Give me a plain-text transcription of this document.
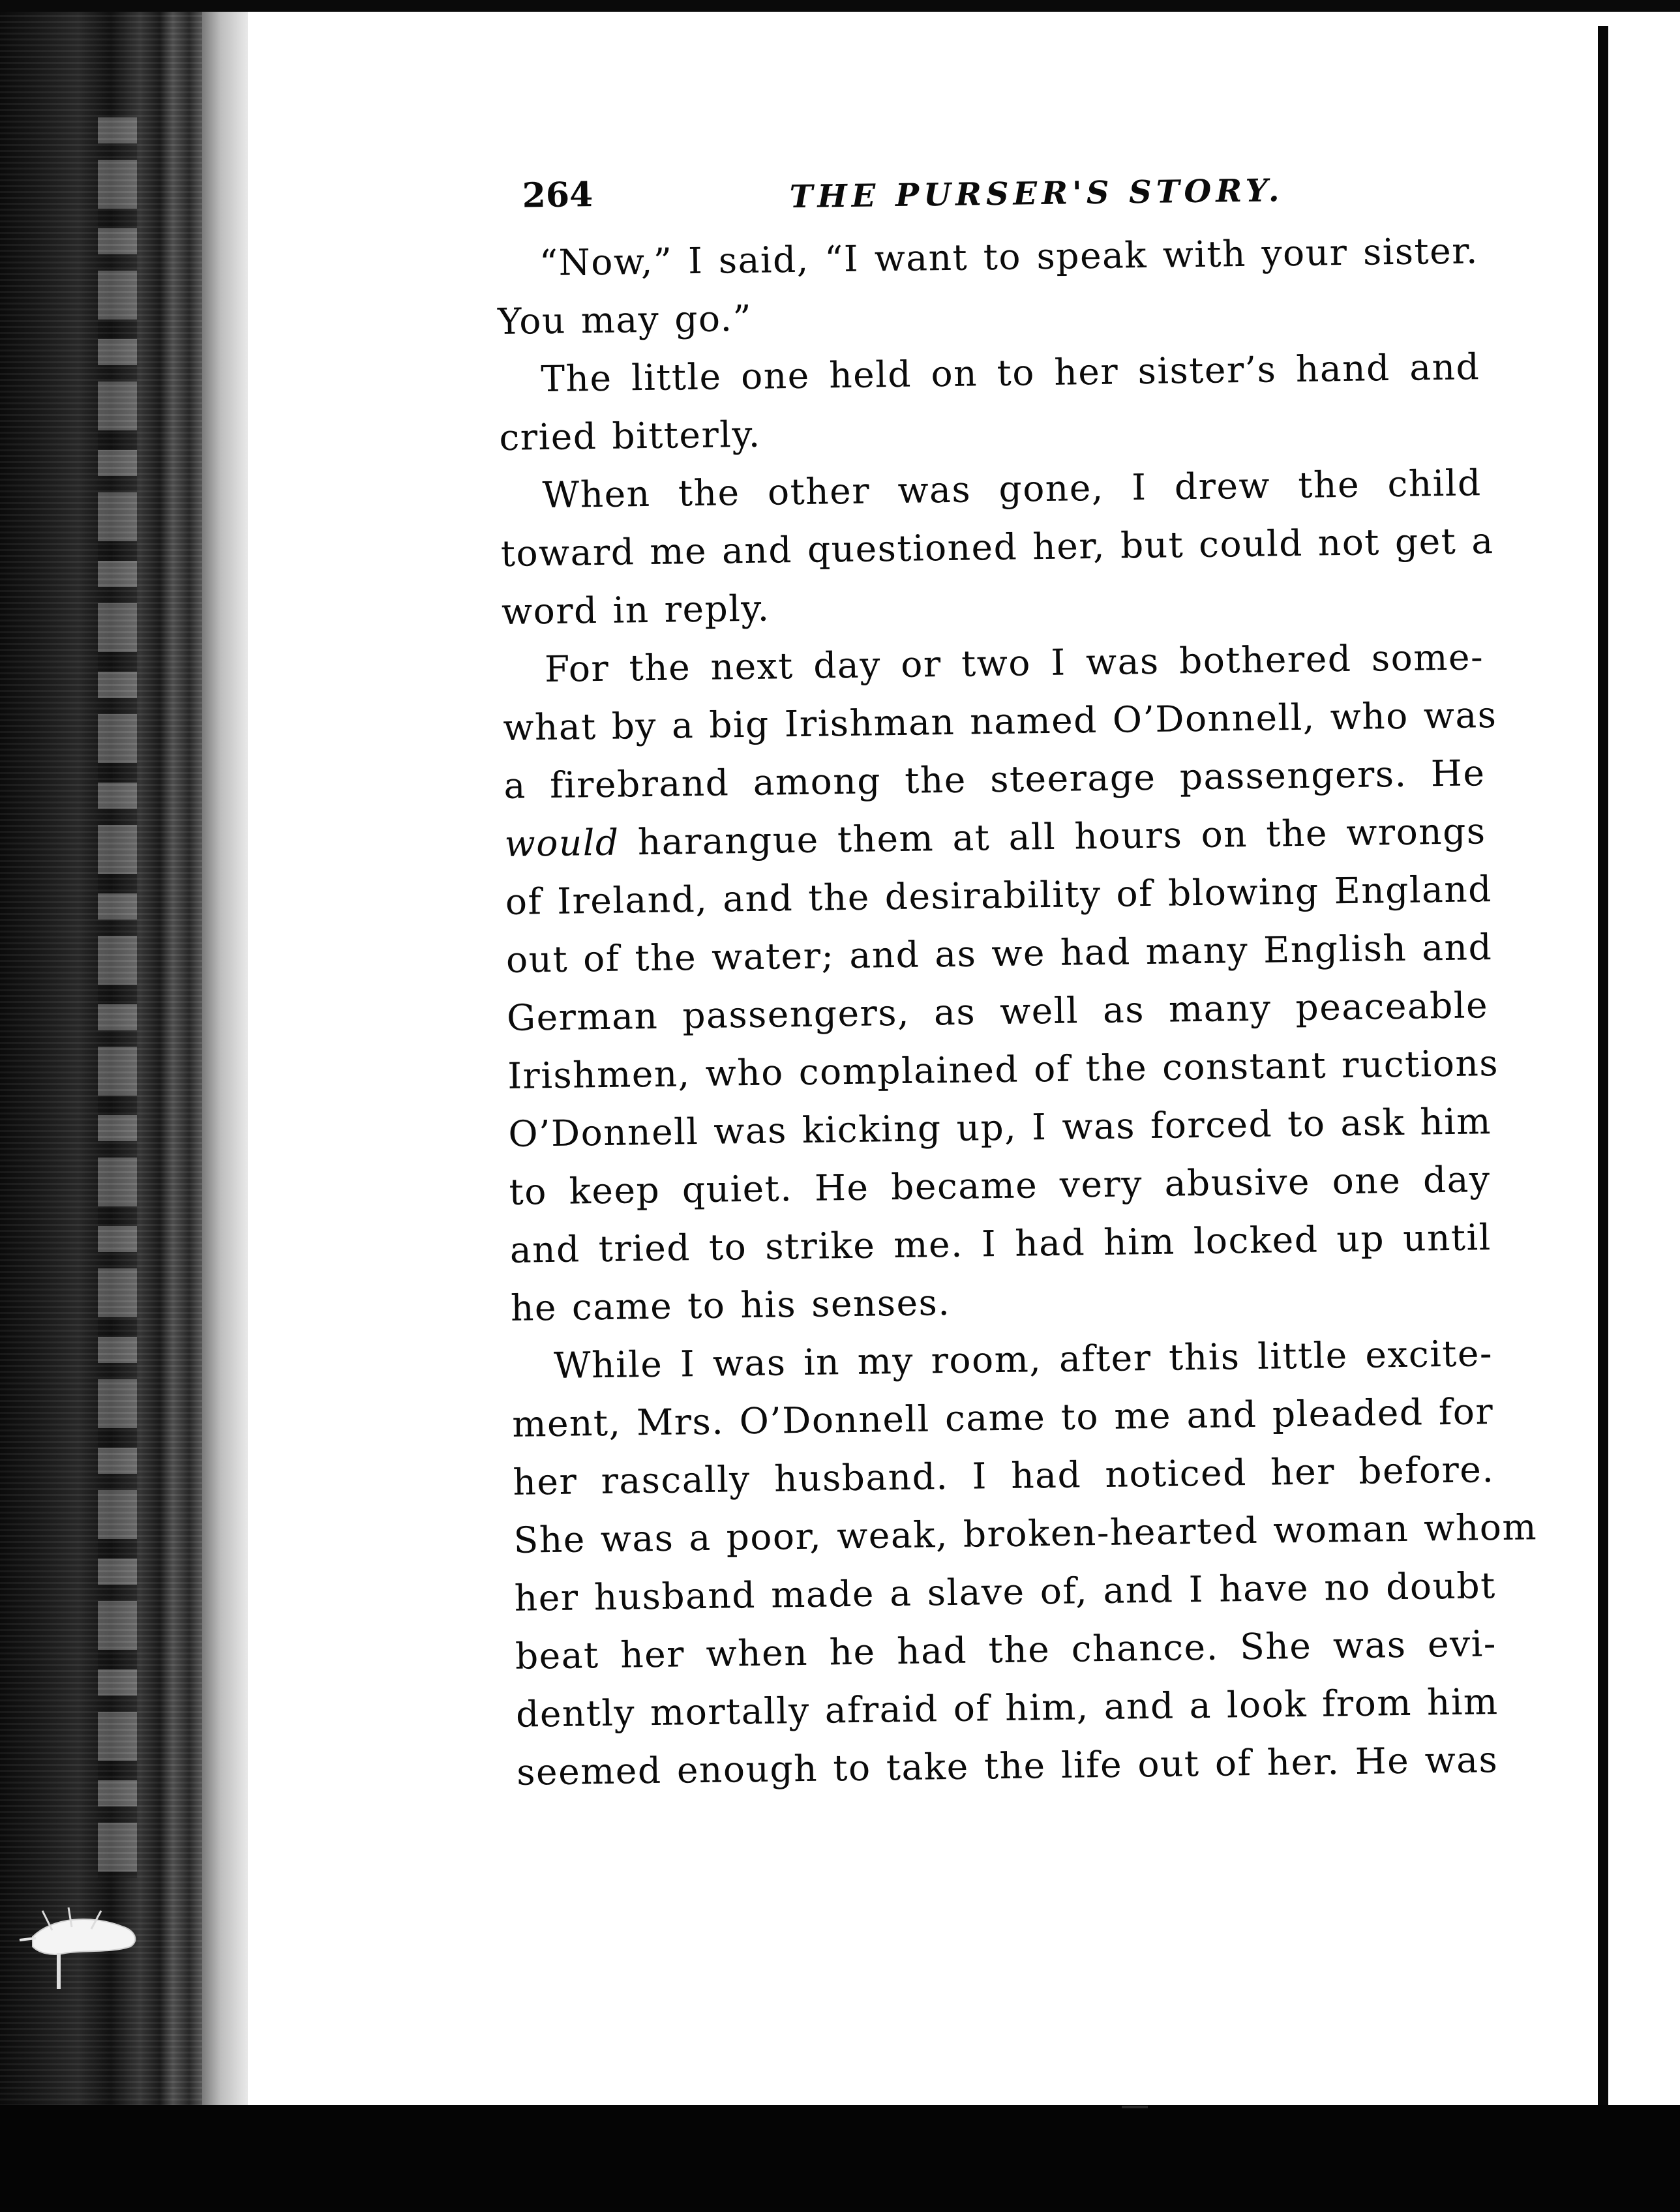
264	THE PURSER'S STORY.

“Now,” I said, “I want to speak with your sister.
You may go.”

The little one held on to her sister’s hand and
cried bitterly.

When the other was gone, I drew the child
toward me and questioned her, but could not get a
word in reply.

For the next day or two I was bothered some-
what by a big Irishman named O’Donnell, who was
a firebrand among the steerage passengers. He
would harangue them at all hours on the wrongs
of Ireland, and the desirability of blowing England
out of the water; and as we had many English and
German passengers, as well as many peaceable
Irishmen, who complained of the constant ructions
O’Donnell was kicking up, I was forced to ask him
to keep quiet. He became very abusive one day
and tried to strike me. I had him locked up until
he came to his senses.

While I was in my room, after this little excite-
ment, Mrs. O’Donnell came to me and pleaded for
her rascally husband. I had noticed her before.
She was a poor, weak, broken-hearted woman whom
her husband made a slave of, and I have no doubt
beat her when he had the chance. She was evi-
dently mortally afraid of him, and a look from him
seemed enough to take the life out of her. He was
